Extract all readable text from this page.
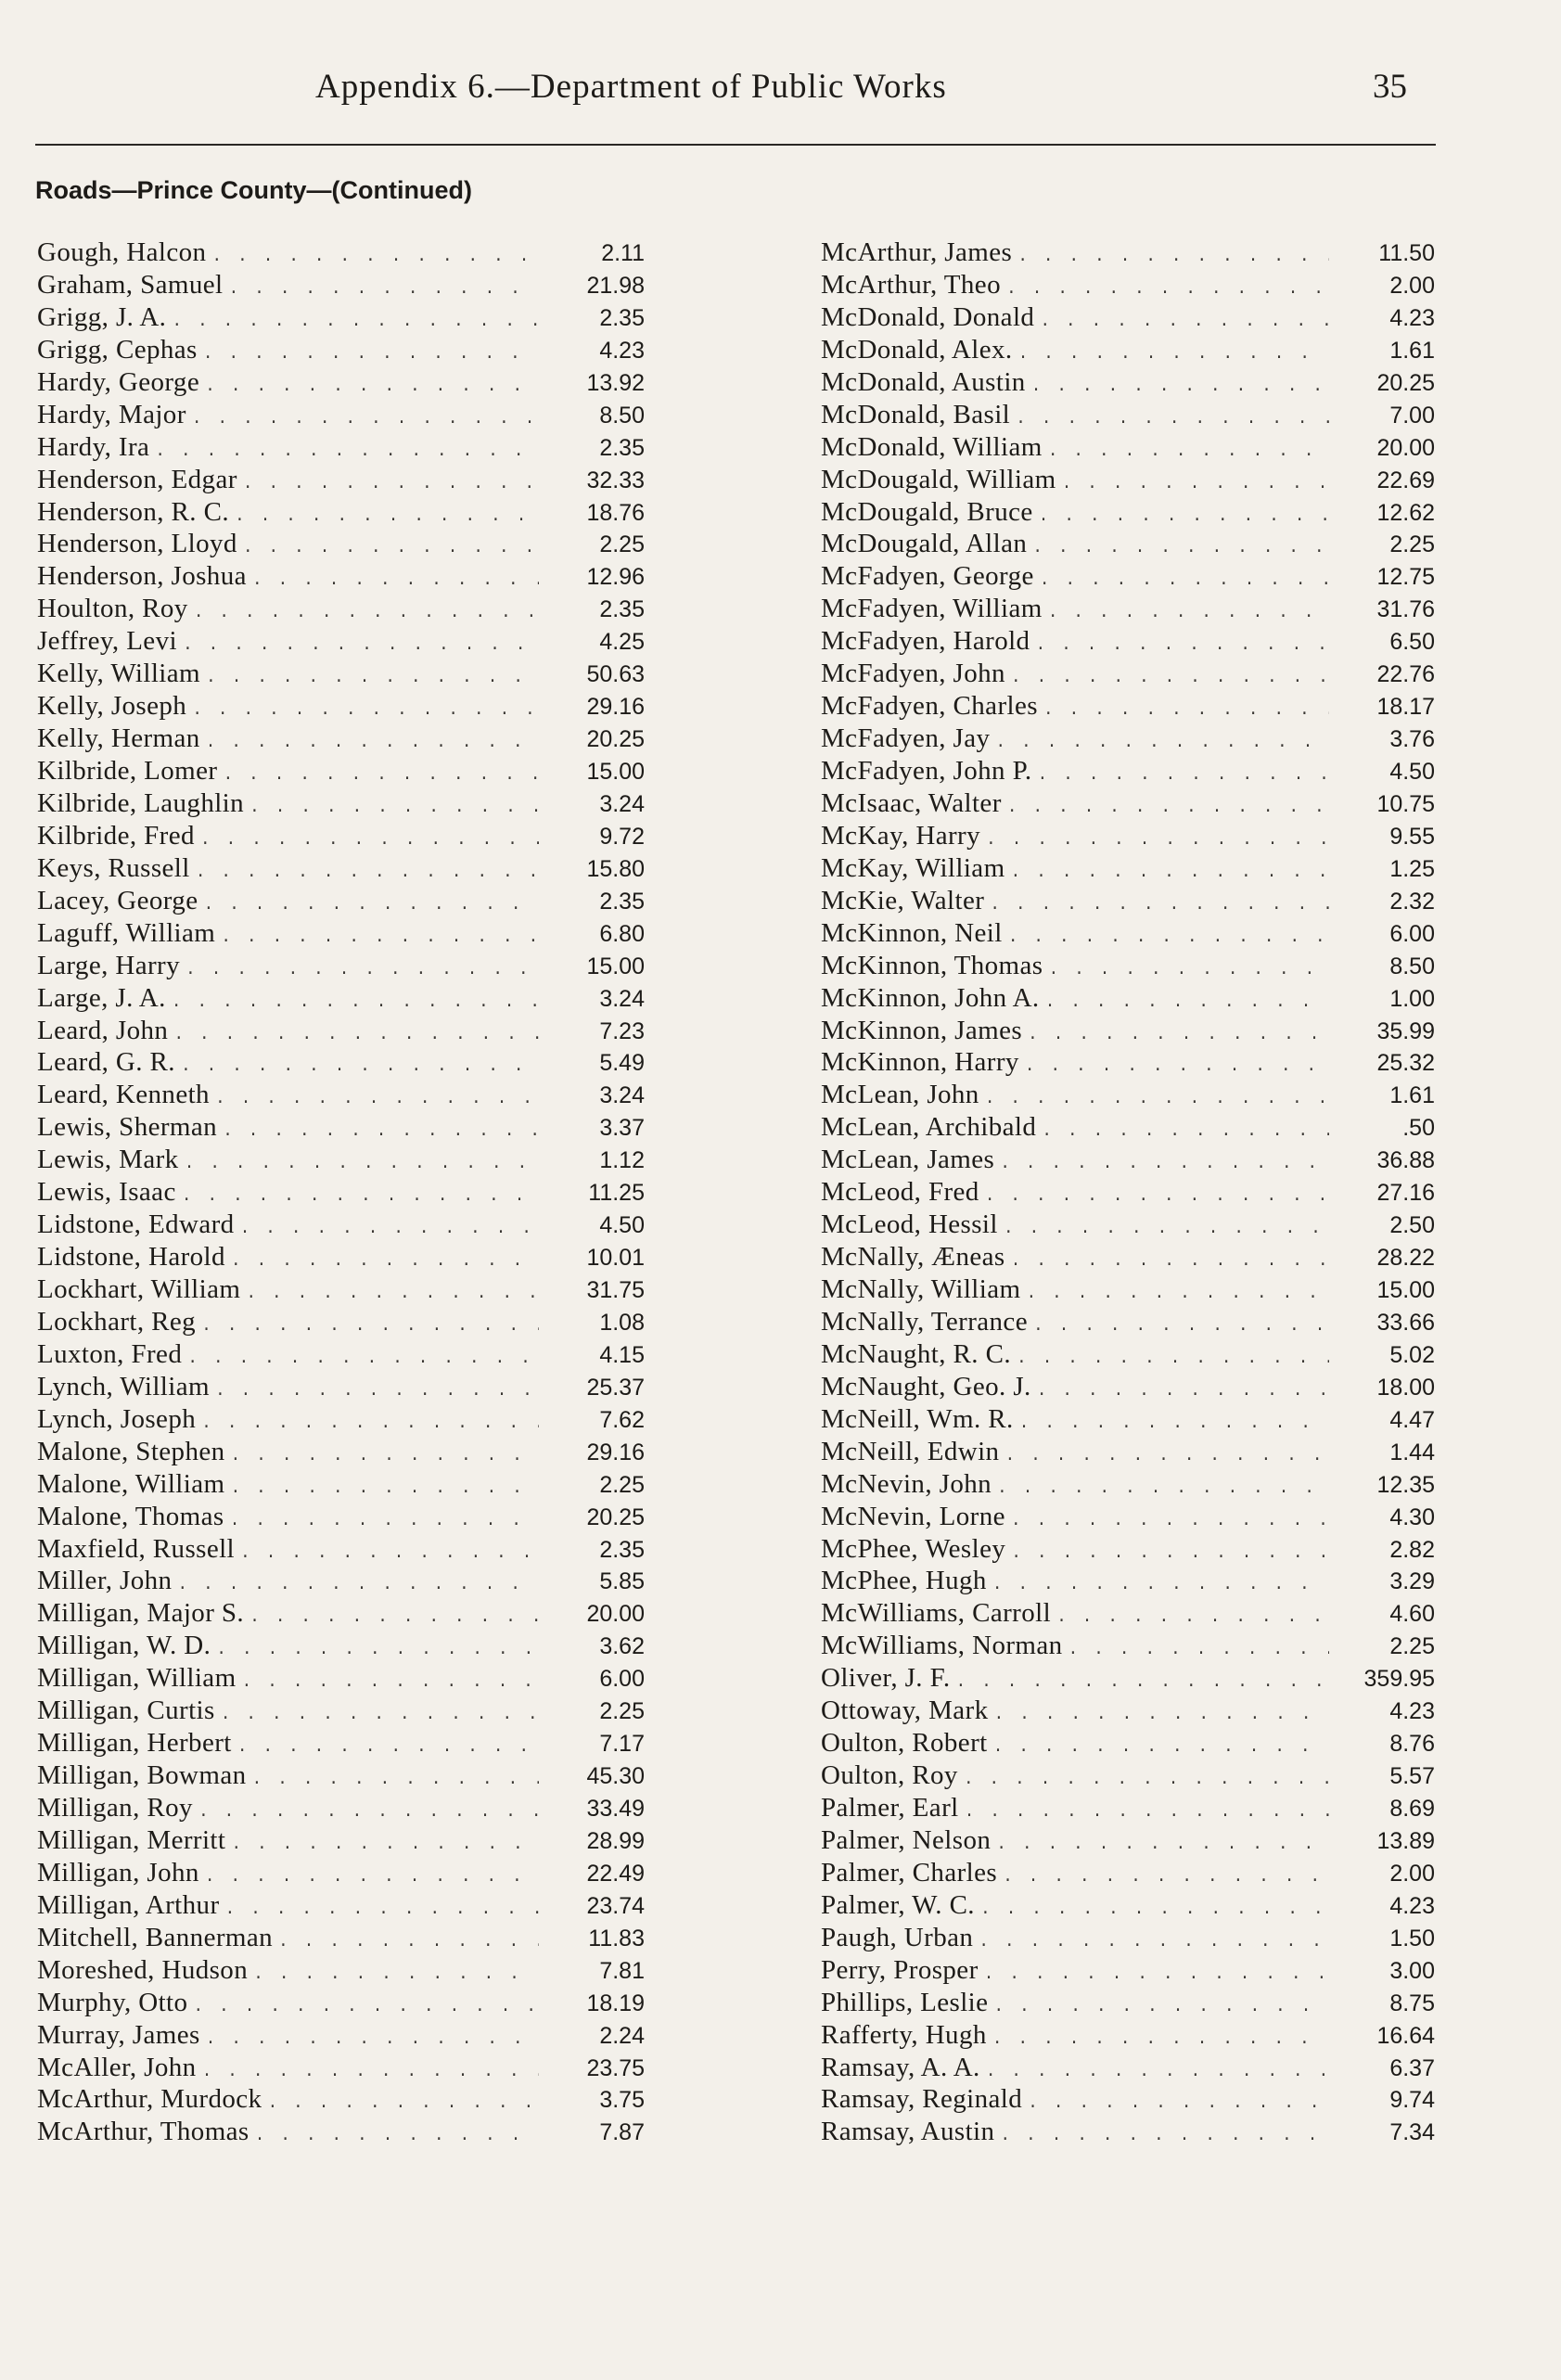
Appendix 6.—Department of Public Works	35
Roads—Prince County—(Continued)
Gough, Halcon . . .	2.11
Graham, Samuel . . .	21.98
Grigg, J. A. . . .	2.35
Grigg, Cephas . . .	4.23
Hardy, George . . .	13.92
Hardy, Major . . .	8.50
Hardy, Ira . . .	2.35
Henderson, Edgar . . .	32.33
Henderson, R. C. . . .	18.76
Henderson, Lloyd . . .	2.25
Henderson, Joshua . . .	12.96
Houlton, Roy . . .	2.35
Jeffrey, Levi . . .	4.25
Kelly, William . . .	50.63
Kelly, Joseph . . .	29.16
Kelly, Herman . . .	20.25
Kilbride, Lomer . . .	15.00
Kilbride, Laughlin . . .	3.24
Kilbride, Fred . . .	9.72
Keys, Russell . . .	15.80
Lacey, George . . .	2.35
Laguff, William . . .	6.80
Large, Harry . . .	15.00
Large, J. A. . . .	3.24
Leard, John . . .	7.23
Leard, G. R. . . .	5.49
Leard, Kenneth . . .	3.24
Lewis, Sherman . . .	3.37
Lewis, Mark . . .	1.12
Lewis, Isaac . . .	11.25
Lidstone, Edward . . .	4.50
Lidstone, Harold . . .	10.01
Lockhart, William . . .	31.75
Lockhart, Reg . . .	1.08
Luxton, Fred . . .	4.15
Lynch, William . . .	25.37
Lynch, Joseph . . .	7.62
Malone, Stephen . . .	29.16
Malone, William . . .	2.25
Malone, Thomas . . .	20.25
Maxfield, Russell . . .	2.35
Miller, John . . .	5.85
Milligan, Major S. . . .	20.00
Milligan, W. D. . . .	3.62
Milligan, William . . .	6.00
Milligan, Curtis . . .	2.25
Milligan, Herbert . . .	7.17
Milligan, Bowman . . .	45.30
Milligan, Roy . . .	33.49
Milligan, Merritt . . .	28.99
Milligan, John . . .	22.49
Milligan, Arthur . . .	23.74
Mitchell, Bannerman . . .	11.83
Moreshed, Hudson . . .	7.81
Murphy, Otto . . .	18.19
Murray, James . . .	2.24
McAller, John . . .	23.75
McArthur, Murdock . . .	3.75
McArthur, Thomas . . .	7.87
McArthur, James . . .	11.50
McArthur, Theo . . .	2.00
McDonald, Donald . . .	4.23
McDonald, Alex. . . .	1.61
McDonald, Austin . . .	20.25
McDonald, Basil . . .	7.00
McDonald, William . . .	20.00
McDougald, William . . .	22.69
McDougald, Bruce . . .	12.62
McDougald, Allan . . .	2.25
McFadyen, George . . .	12.75
McFadyen, William . . .	31.76
McFadyen, Harold . . .	6.50
McFadyen, John . . .	22.76
McFadyen, Charles . . .	18.17
McFadyen, Jay . . .	3.76
McFadyen, John P. . . .	4.50
McIsaac, Walter . . .	10.75
McKay, Harry . . .	9.55
McKay, William . . .	1.25
McKie, Walter . . .	2.32
McKinnon, Neil . . .	6.00
McKinnon, Thomas . . .	8.50
McKinnon, John A. . . .	1.00
McKinnon, James . . .	35.99
McKinnon, Harry . . .	25.32
McLean, John . . .	1.61
McLean, Archibald . . .	.50
McLean, James . . .	36.88
McLeod, Fred . . .	27.16
McLeod, Hessil . . .	2.50
McNally, Æneas . . .	28.22
McNally, William . . .	15.00
McNally, Terrance . . .	33.66
McNaught, R. C. . . .	5.02
McNaught, Geo. J. . . .	18.00
McNeill, Wm. R. . . .	4.47
McNeill, Edwin . . .	1.44
McNevin, John . . .	12.35
McNevin, Lorne . . .	4.30
McPhee, Wesley . . .	2.82
McPhee, Hugh . . .	3.29
McWilliams, Carroll . . .	4.60
McWilliams, Norman . . .	2.25
Oliver, J. F. . . .	359.95
Ottoway, Mark . . .	4.23
Oulton, Robert . . .	8.76
Oulton, Roy . . .	5.57
Palmer, Earl . . .	8.69
Palmer, Nelson . . .	13.89
Palmer, Charles . . .	2.00
Palmer, W. C. . . .	4.23
Paugh, Urban . . .	1.50
Perry, Prosper . . .	3.00
Phillips, Leslie . . .	8.75
Rafferty, Hugh . . .	16.64
Ramsay, A. A. . . .	6.37
Ramsay, Reginald . . .	9.74
Ramsay, Austin . . .	7.34
